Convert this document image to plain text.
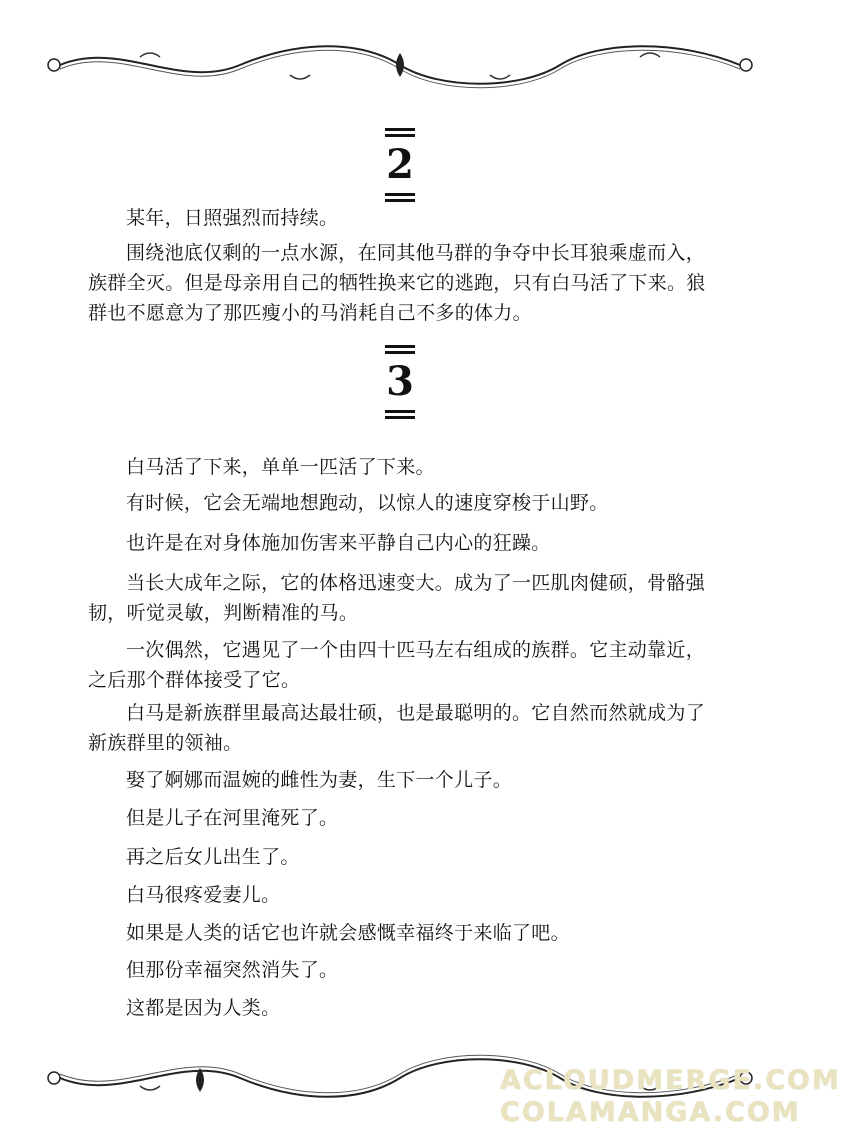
2

某年，日照强烈而持续。

围绕池底仅剩的一点水源，在同其他马群的争夺中长耳狼乘虚而入，族群全灭。但是母亲用自己的牺牲换来它的逃跑，只有白马活了下来。狼群也不愿意为了那匹瘦小的马消耗自己不多的体力。

3

白马活了下来，单单一匹活了下来。

有时候，它会无端地想跑动，以惊人的速度穿梭于山野。

也许是在对身体施加伤害来平静自己内心的狂躁。

当长大成年之际，它的体格迅速变大。成为了一匹肌肉健硕，骨骼强韧，听觉灵敏，判断精准的马。

一次偶然，它遇见了一个由四十匹马左右组成的族群。它主动靠近，之后那个群体接受了它。

白马是新族群里最高达最壮硕，也是最聪明的。它自然而然就成为了新族群里的领袖。

娶了婀娜而温婉的雌性为妻，生下一个儿子。

但是儿子在河里淹死了。

再之后女儿出生了。

白马很疼爱妻儿。

如果是人类的话它也许就会感慨幸福终于来临了吧。

但那份幸福突然消失了。

这都是因为人类。

ACLOUDMERGE.COM
COLAMANGA.COM
